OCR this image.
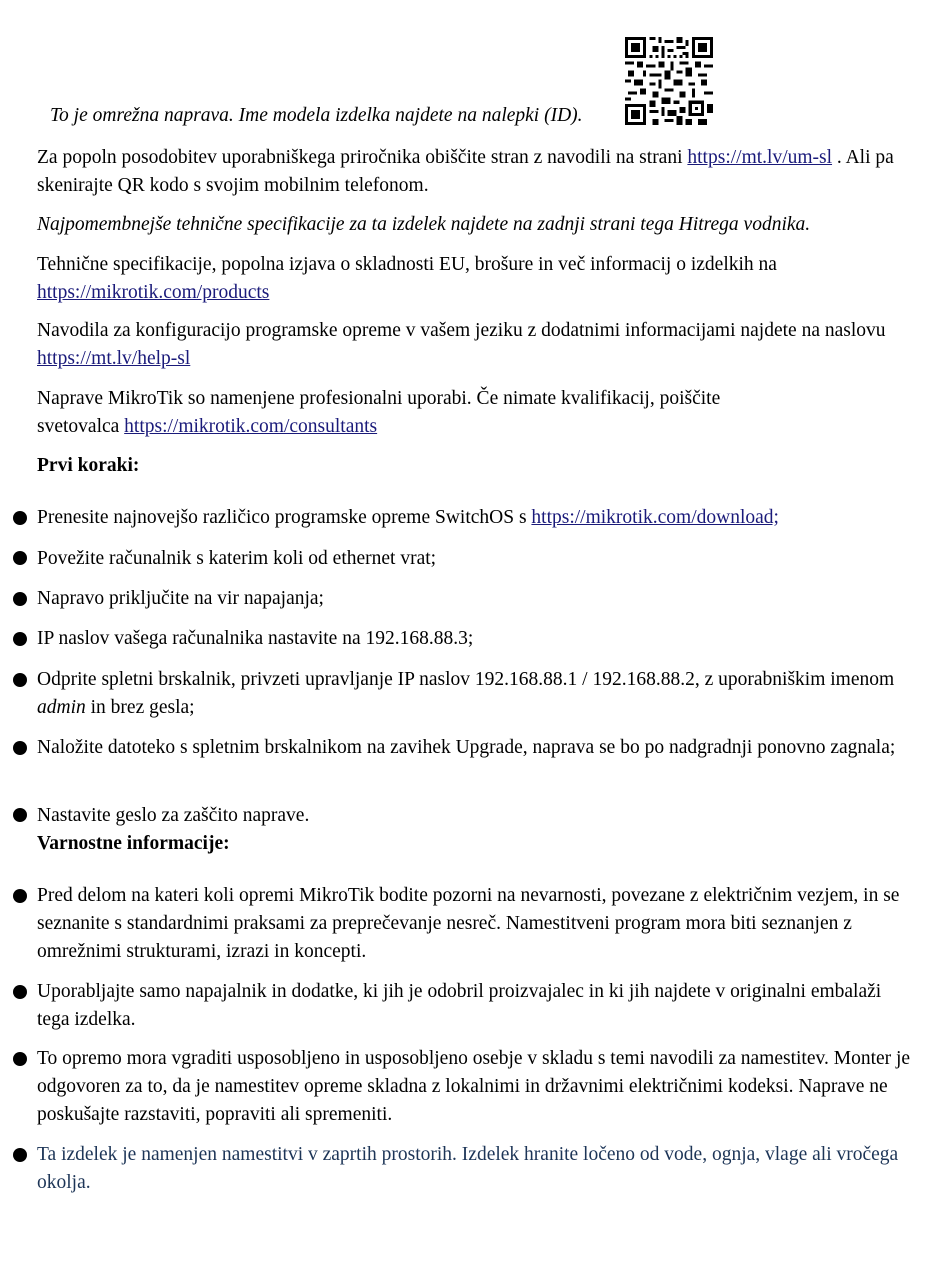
To je omrežna naprava. Ime modela izdelka najdete na nalepki (ID).

Za popoln posodobitev uporabniškega priročnika obiščite stran z navodili na strani https://mt.lv/um-sl . Ali pa skenirajte QR kodo s svojim mobilnim telefonom.

Najpomembnejše tehnične specifikacije za ta izdelek najdete na zadnji strani tega Hitrega vodnika.

Tehnične specifikacije, popolna izjava o skladnosti EU, brošure in več informacij o izdelkih na https://mikrotik.com/products

Navodila za konfiguracijo programske opreme v vašem jeziku z dodatnimi informacijami najdete na naslovu https://mt.lv/help-sl

Naprave MikroTik so namenjene profesionalni uporabi. Če nimate kvalifikacij, poiščite svetovalca https://mikrotik.com/consultants

Prvi koraki:

Prenesite najnovejšo različico programske opreme SwitchOS s https://mikrotik.com/download;

Povežite računalnik s katerim koli od ethernet vrat;

Napravo priključite na vir napajanja;

IP naslov vašega računalnika nastavite na 192.168.88.3;

Odprite spletni brskalnik, privzeti upravljanje IP naslov 192.168.88.1 / 192.168.88.2, z uporabniškim imenom admin in brez gesla;

Naložite datoteko s spletnim brskalnikom na zavihek Upgrade, naprava se bo po nadgradnji ponovno zagnala;

Nastavite geslo za zaščito naprave.

Varnostne informacije:

Pred delom na kateri koli opremi MikroTik bodite pozorni na nevarnosti, povezane z električnim vezjem, in se seznanite s standardnimi praksami za preprečevanje nesreč. Namestitveni program mora biti seznanjen z omrežnimi strukturami, izrazi in koncepti.

Uporabljajte samo napajalnik in dodatke, ki jih je odobril proizvajalec in ki jih najdete v originalni embalaži tega izdelka.

To opremo mora vgraditi usposobljeno in usposobljeno osebje v skladu s temi navodili za namestitev. Monter je odgovoren za to, da je namestitev opreme skladna z lokalnimi in državnimi električnimi kodeksi. Naprave ne poskušajte razstaviti, popraviti ali spremeniti.

Ta izdelek je namenjen namestitvi v zaprtih prostorih. Izdelek hranite ločeno od vode, ognja, vlage ali vročega okolja.
